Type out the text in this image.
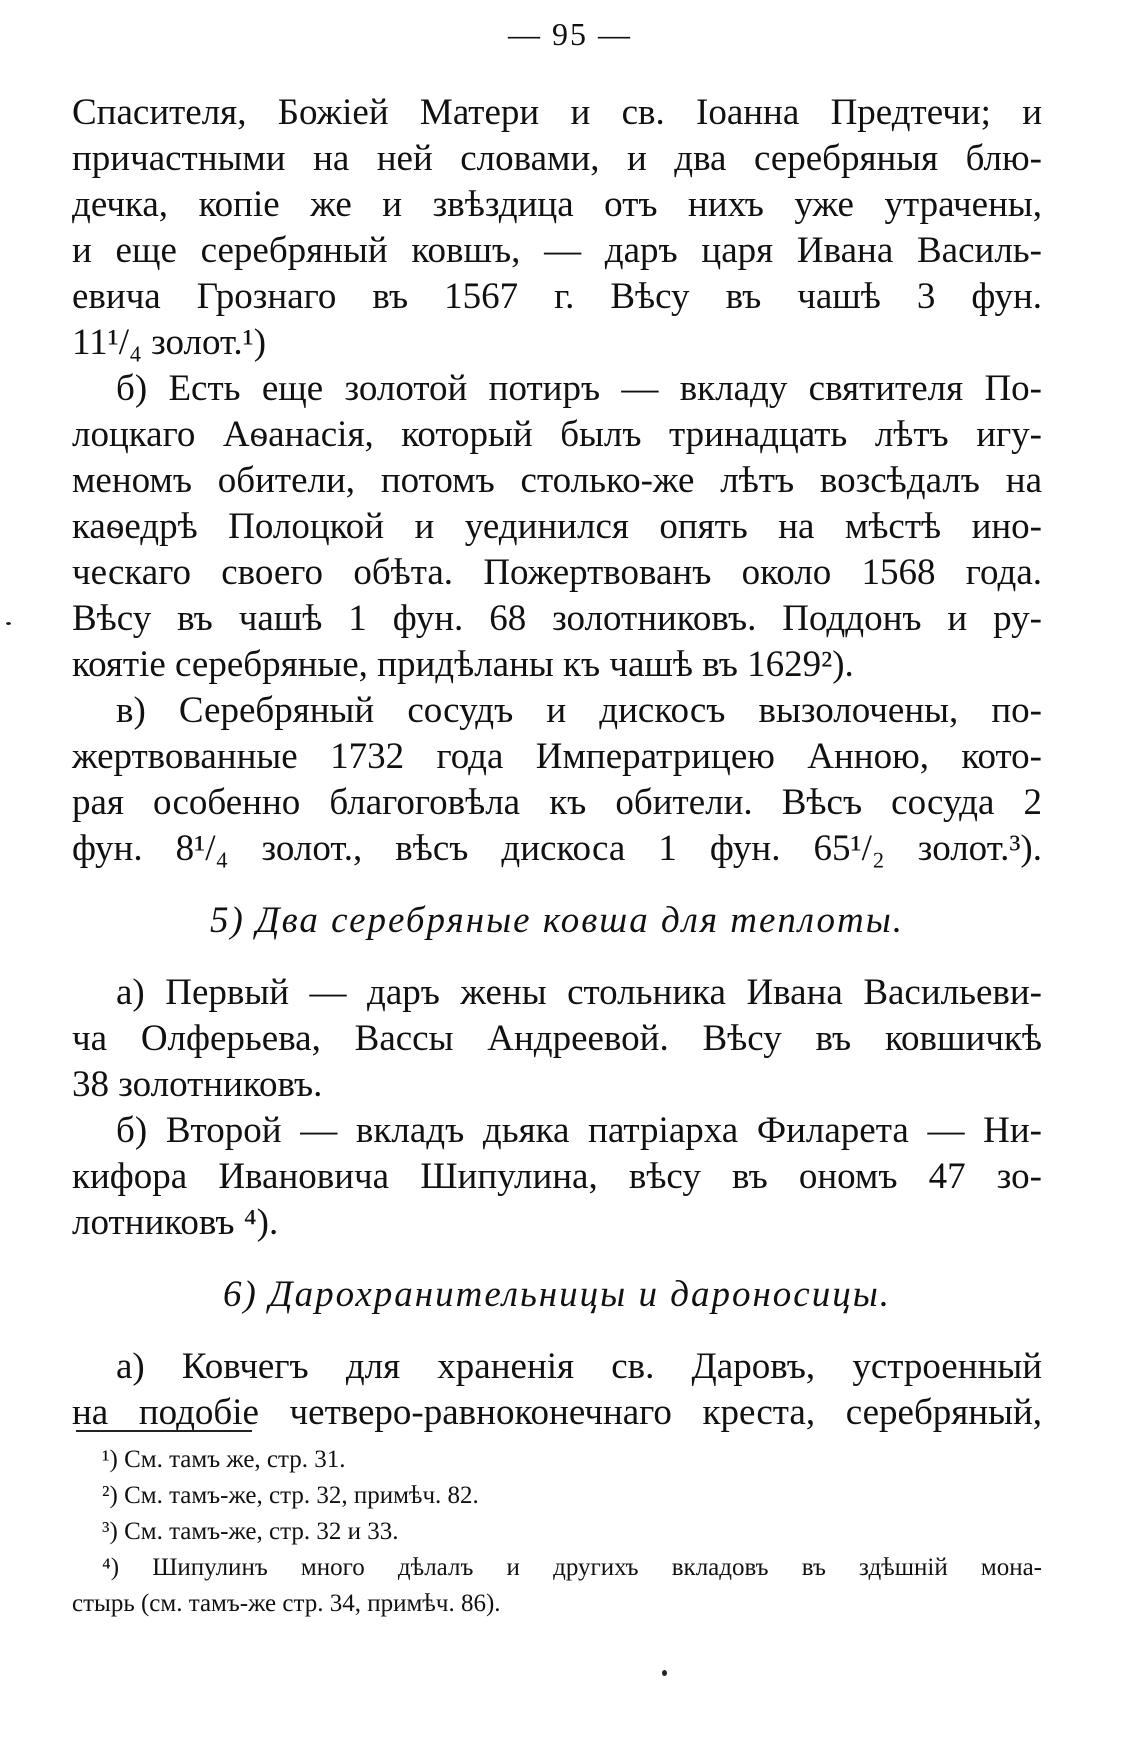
— 95 —
Спасителя, Божіей Матери и св. Іоанна Предтечи; и
причастными на ней словами, и два серебряныя блю-
дечка, копіе же и звѣздица отъ нихъ уже утрачены,
и еще серебряный ковшъ, — даръ царя Ивана Василь-
евича Грознаго въ 1567 г. Вѣсу въ чашѣ 3 фун.
11¹/₄ золот.¹)
б) Есть еще золотой потиръ — вкладу святителя По-
лоцкаго Аѳанасія, который былъ тринадцать лѣтъ игу-
меномъ обители, потомъ столько-же лѣтъ возсѣдалъ на
каѳедрѣ Полоцкой и уединился опять на мѣстѣ ино-
ческаго своего обѣта. Пожертвованъ около 1568 года.
Вѣсу въ чашѣ 1 фун. 68 золотниковъ. Поддонъ и ру-
коятіе серебряные, придѣланы къ чашѣ въ 1629²).
в) Серебряный сосудъ и дискосъ вызолочены, по-
жертвованные 1732 года Императрицею Анною, кото-
рая особенно благоговѣла къ обители. Вѣсъ сосуда 2
фун. 8¹/₄ золот., вѣсъ дискоса 1 фун. 65¹/₂ золот.³).
5) Два серебряные ковша для теплоты.
а) Первый — даръ жены стольника Ивана Васильеви-
ча Олферьева, Вассы Андреевой. Вѣсу въ ковшичкѣ
38 золотниковъ.
б) Второй — вкладъ дьяка патріарха Филарета — Ни-
кифора Ивановича Шипулина, вѣсу въ ономъ 47 зо-
лотниковъ ⁴).
6) Дарохранительницы и дароносицы.
а) Ковчегъ для храненія св. Даровъ, устроенный
на подобіе четверо-равноконечнаго креста, серебряный,
¹) См. тамъ же, стр. 31.
²) См. тамъ-же, стр. 32, примѣч. 82.
³) См. тамъ-же, стр. 32 и 33.
⁴) Шипулинъ много дѣлалъ и другихъ вкладовъ въ здѣшній мона-
стырь (см. тамъ-же стр. 34, примѣч. 86).
